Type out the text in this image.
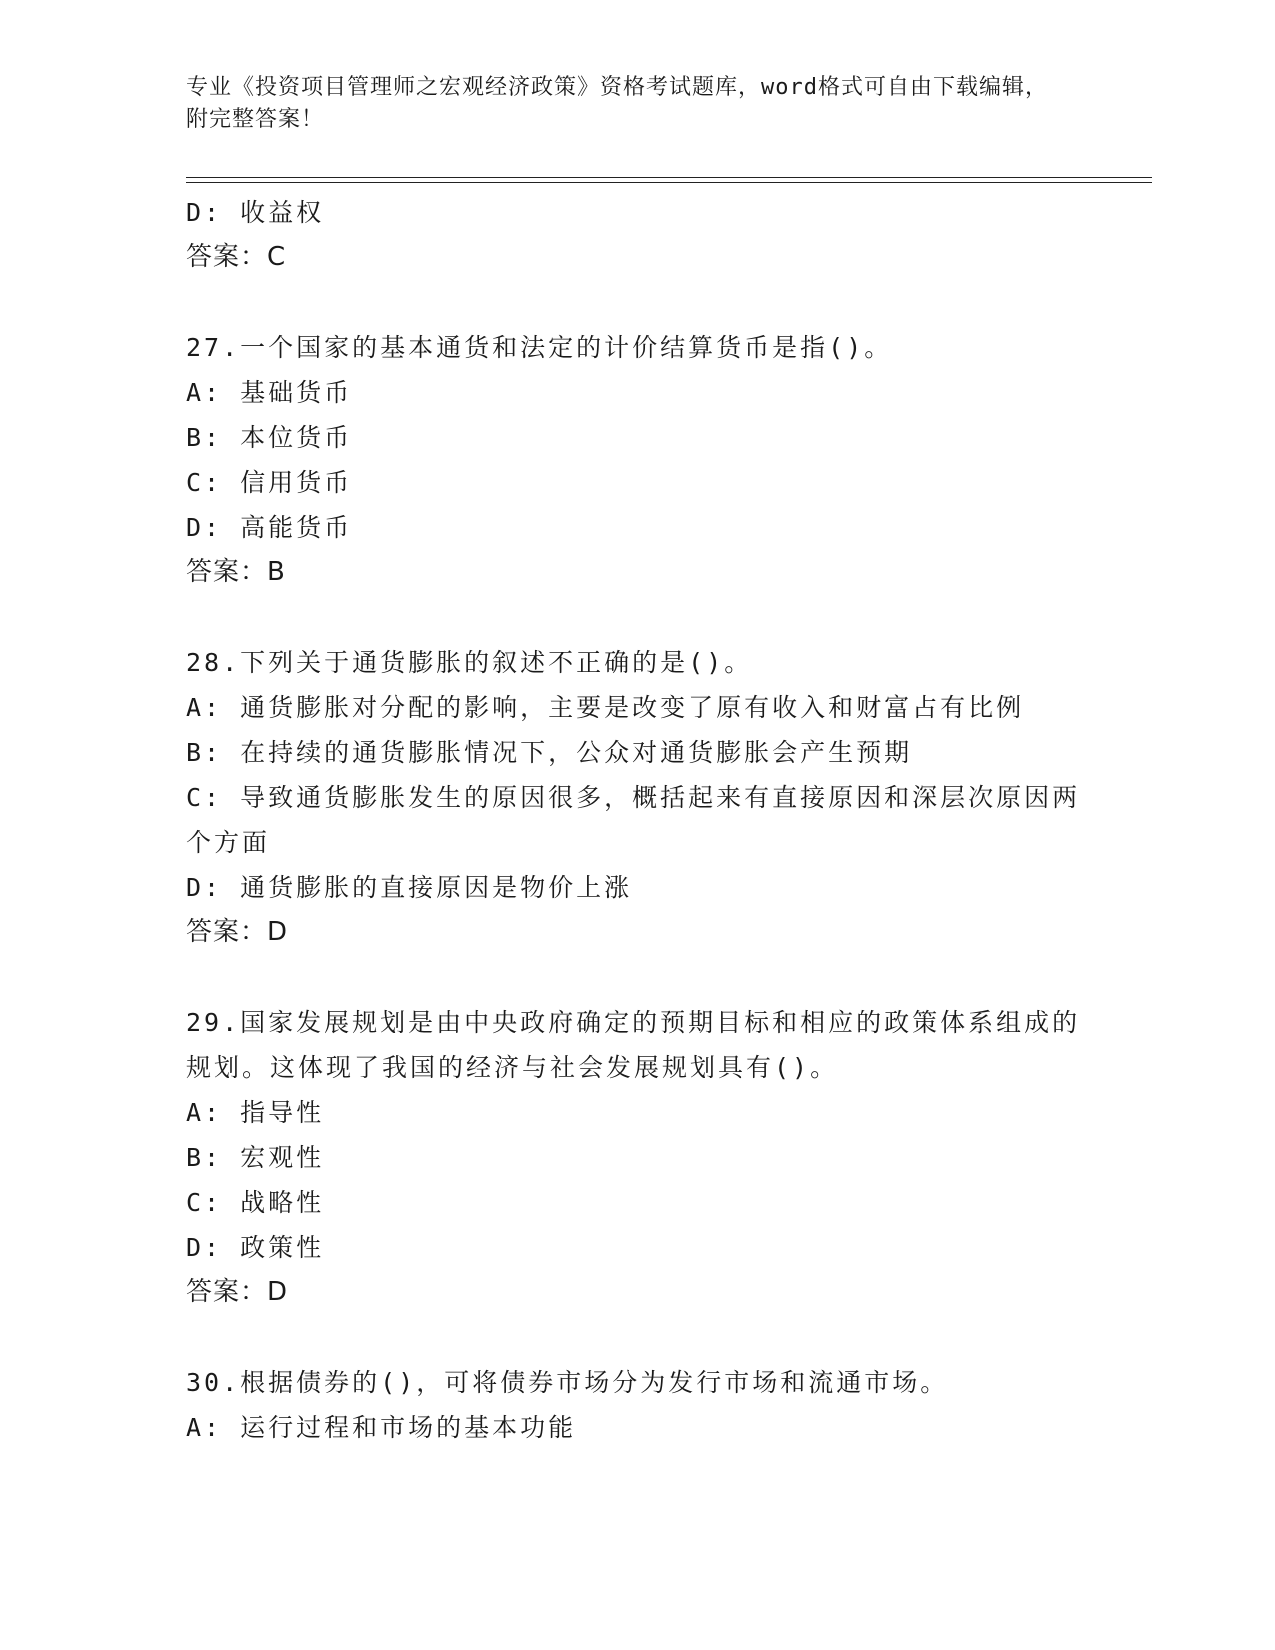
专业《投资项目管理师之宏观经济政策》资格考试题库，word格式可自由下载编辑，附完整答案！
D: 收益权
答案：C
27.一个国家的基本通货和法定的计价结算货币是指()。
A: 基础货币
B: 本位货币
C: 信用货币
D: 高能货币
答案：B
28.下列关于通货膨胀的叙述不正确的是()。
A: 通货膨胀对分配的影响，主要是改变了原有收入和财富占有比例
B: 在持续的通货膨胀情况下，公众对通货膨胀会产生预期
C: 导致通货膨胀发生的原因很多，概括起来有直接原因和深层次原因两个方面
D: 通货膨胀的直接原因是物价上涨
答案：D
29.国家发展规划是由中央政府确定的预期目标和相应的政策体系组成的规划。这体现了我国的经济与社会发展规划具有()。
A: 指导性
B: 宏观性
C: 战略性
D: 政策性
答案：D
30.根据债券的()，可将债券市场分为发行市场和流通市场。
A: 运行过程和市场的基本功能
